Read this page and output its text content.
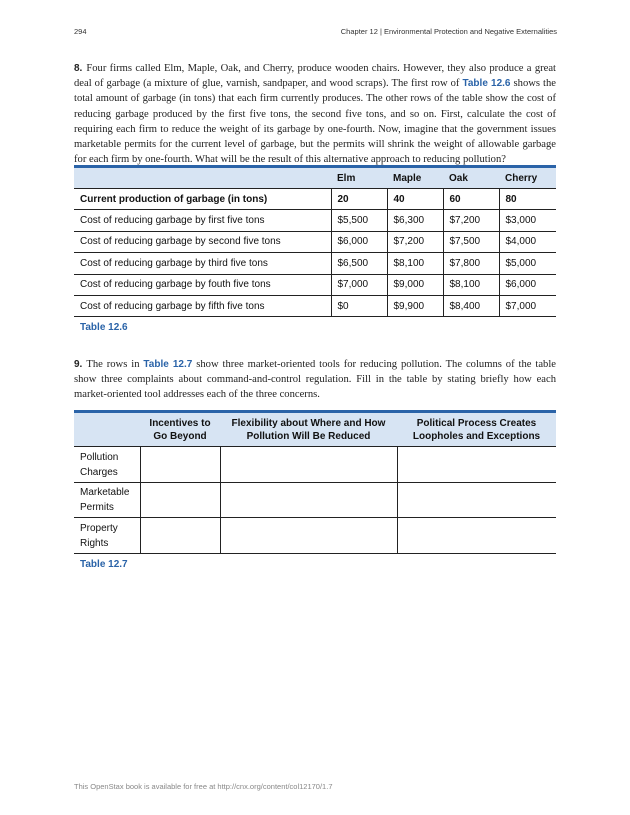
294	Chapter 12 | Environmental Protection and Negative Externalities
8. Four firms called Elm, Maple, Oak, and Cherry, produce wooden chairs. However, they also produce a great deal of garbage (a mixture of glue, varnish, sandpaper, and wood scraps). The first row of Table 12.6 shows the total amount of garbage (in tons) that each firm currently produces. The other rows of the table show the cost of reducing garbage produced by the first five tons, the second five tons, and so on. First, calculate the cost of requiring each firm to reduce the weight of its garbage by one-fourth. Now, imagine that the government issues marketable permits for the current level of garbage, but the permits will shrink the weight of allowable garbage for each firm by one-fourth. What will be the result of this alternative approach to reducing pollution?
	Elm	Maple	Oak	Cherry
Current production of garbage (in tons)	20	40	60	80
Cost of reducing garbage by first five tons	$5,500	$6,300	$7,200	$3,000
Cost of reducing garbage by second five tons	$6,000	$7,200	$7,500	$4,000
Cost of reducing garbage by third five tons	$6,500	$8,100	$7,800	$5,000
Cost of reducing garbage by fouth five tons	$7,000	$9,000	$8,100	$6,000
Cost of reducing garbage by fifth five tons	$0	$9,900	$8,400	$7,000
Table 12.6
9. The rows in Table 12.7 show three market-oriented tools for reducing pollution. The columns of the table show three complaints about command-and-control regulation. Fill in the table by stating briefly how each market-oriented tool addresses each of the three concerns.
	Incentives to Go Beyond	Flexibility about Where and How Pollution Will Be Reduced	Political Process Creates Loopholes and Exceptions
Pollution Charges			
Marketable Permits			
Property Rights			
Table 12.7
This OpenStax book is available for free at http://cnx.org/content/col12170/1.7
